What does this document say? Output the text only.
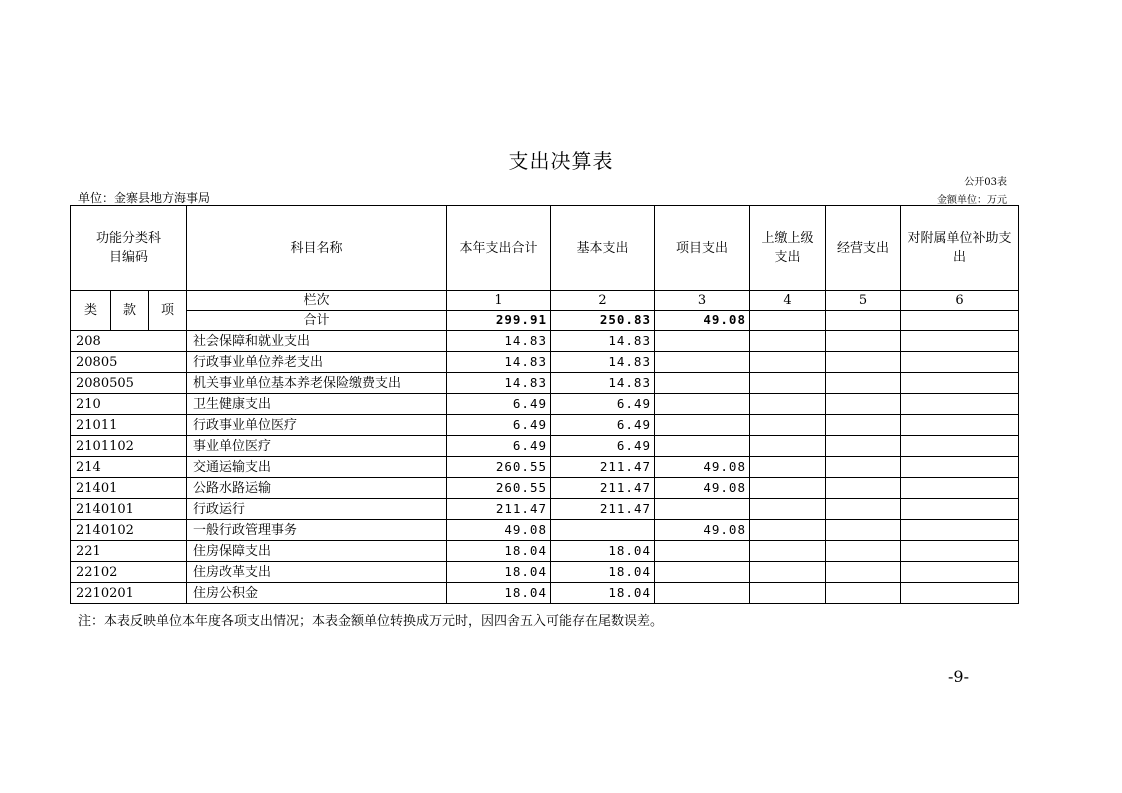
支出决算表
公开03表
单位：金寨县地方海事局	金额单位：万元
功能分类科目编码			科目名称	本年支出合计	基本支出	项目支出	上缴上级支出	经营支出	对附属单位补助支出

类	款	项	栏次	1	2	3	4	5	6
			合计	299.91	250.83	49.08			
208			社会保障和就业支出	14.83	14.83				
20805			行政事业单位养老支出	14.83	14.83				
2080505			机关事业单位基本养老保险缴费支出	14.83	14.83				
210			卫生健康支出	6.49	6.49				
21011			行政事业单位医疗	6.49	6.49				
2101102			事业单位医疗	6.49	6.49				
214			交通运输支出	260.55	211.47	49.08			
21401			公路水路运输	260.55	211.47	49.08			
2140101			行政运行	211.47	211.47				
2140102			一般行政管理事务	49.08		49.08			
221			住房保障支出	18.04	18.04				
22102			住房改革支出	18.04	18.04				
2210201			住房公积金	18.04	18.04				
注：本表反映单位本年度各项支出情况；本表金额单位转换成万元时，因四舍五入可能存在尾数误差。
-9-
